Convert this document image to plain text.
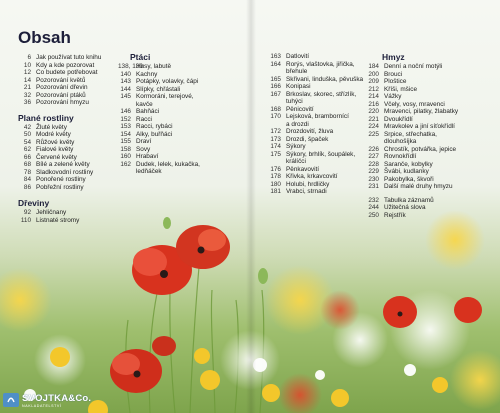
Obsah
6 Jak používat tuto knihu
10 Kdy a kde pozorovat
12 Co budete potřebovat
14 Pozorování květů
21 Pozorování dřevin
32 Pozorování ptáků
36 Pozorování hmyzu
Plané rostliny
42 Žluté květy
50 Modré květy
54 Růžové květy
62 Fialové květy
66 Červené květy
68 Bílé a zelené květy
78 Sladkovodní rostliny
84 Ponořené rostliny
86 Pobřežní rostliny
Dřeviny
92 Jehličnany
110 Listnaté stromy
Ptáci
138, 139
Husy, labutě
140 Kachny
143 Potápky, volavky, čápi
144 Slípky, chřástali
145 Kormoráni, terejové,
kavče
146 Bahňáci
152 Racci
153 Racci, rybáci
154 Alky, buřňáci
155 Draví
158 Sovy
160 Hrabaví
162 Dudek, lelek, kukačka,
ledňáček
163 Datlovití
164 Rorýs, vlaštovka, jiřička,
břehule
165 Skřivani, linduška, pěvuška
166 Konipasi
167 Brkoslav, skorec, střízlík,
tuhýci
168 Pěnicovití
170 Lejsková, brambornící
a drozdi
172 Drozdovití, žluva
173 Drozdi, špaček
174 Sýkory
175 Sýkory, brhlík, šoupálek,
králíčci
176 Pěnkavovití
178 Křivka, krkavcovití
180 Holubi, hrdličky
181 Vrabci, strnadi
Hmyz
184 Denní a noční motýli
200 Brouci
209 Ploštice
212 Kříši, mšice
214 Vážky
216 Včely, vosy, mravenci
220 Mravenci, pilatky, žlabatky
221 Dvoukřídlí
224 Mravkolev a jiní síťokřídlí
225 Srpice, střechatka,
dlouhošíjka
226 Chrostík, potvářka, jepice
227 Rovnokřídlí
228 Saranče, kobylky
229 Švábi, kudlanky
230 Pakobylka, škvoři
231 Další malé druhy hmyzu
232 Tabulka záznamů
244 Užitečná slova
250 Rejstřík
SVOJTKA&Co.
NAKLADATELSTVÍ
